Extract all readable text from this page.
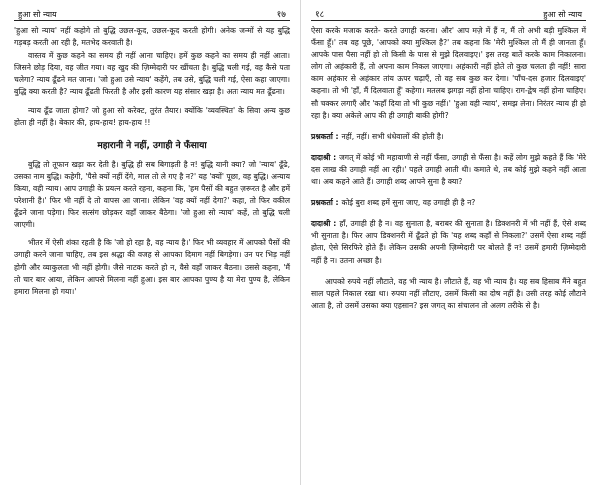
हुआ सो न्याय	१७

'हुआ सो न्याय' नहीं कहोगे तो बुद्धि उछल-कूद, उछल-कूद करती होगी। अनेक जन्मों से यह बुद्धि गड़बड़ करती आ रही है, मतभेद करवाती है।

वास्तव में कुछ कहने का समय ही नहीं आना चाहिए। हमें कुछ कहने का समय ही नहीं आता। जिसने छोड़ दिया, वह जीत गया। वह खुद की ज़िम्मेदारी पर खींचता है। बुद्धि चली गई, वह कैसे पता चलेगा? न्याय ढूँढने मत जाना। 'जो हुआ उसे न्याय' कहेंगे, तब उसे, बुद्धि चली गई, ऐसा कहा जाएगा। बुद्धि क्या करती है? न्याय ढूँढती फिरती है और इसी कारण यह संसार खड़ा है। अतः न्याय मत ढूँढना।

न्याय ढूँढ जाता होगा? जो हुआ सो करेक्ट, तुरंत तैयार। क्योंकि 'व्यवस्थित' के सिवा अन्य कुछ होता ही नहीं है। बेकार की, हाय-हाय! हाय-हाय !!

महारानी ने नहीं, उगाही ने फँसाया

बुद्धि तो तूफान खड़ा कर देती है। बुद्धि ही सब बिगाड़ती है न! बुद्धि यानी क्या? जो 'न्याय' ढूँढे, उसका नाम बुद्धि। कहेगी, 'पैसे क्यों नहीं देंगे, माल तो ले गए है न?' यह 'क्यों' पूछा, वह बुद्धि। अन्याय किया, वही न्याय। आप उगाही के प्रयत्न करते रहना, कहना कि, 'हम पैसों की बहुत ज़रूरत है और हमें परेशानी है।' फिर भी नहीं दे तो वापस आ जाना। लेकिन 'वह क्यों नहीं देगा?' कहा, तो फिर वकील ढूँढने जाना पड़ेगा। फिर सत्संग छोड़कर वहाँ जाकर बैठेगा। 'जो हुआ सो न्याय' कहें, तो बुद्धि चली जाएगी।

भीतर में ऐसी शंका रहती है कि 'जो हो रहा है, वह न्याय है।' फिर भी व्यवहार में आपको पैसों की उगाही करने जाना चाहिए, तब इस श्रद्धा की वजह से आपका दिमाग नहीं बिगड़ेगा। उन पर भिड़ नहीं होगी और व्याकुलता भी नहीं होगी। जैसे नाटक करते हो न, वैसे वहाँ जाकर बैठना। उससे कहना, 'मैं तो चार बार आया, लेकिन आपसे मिलना नहीं हुआ। इस बार आपका पुण्य है या मेरा पुण्य है, लेकिन हमारा मिलना हो गया।'

१८	हुआ सो न्याय

ऐसा करके मजाक करते- करते उगाही करना। और' आप मज़े में हैं न, मैं तो अभी बड़ी मुश्किल में फँसा हूँ।' तब वह पूछे, 'आपको क्या मुश्किल है?' तब कहना कि 'मेरी मुश्किल तो मैं ही जानता हूँ। आपके पास पैसा नहीं हो तो किसी के पास से मुझे दिलवाइए।' इस तरह बातें करके काम निकालना। लोग तो अहंकारी हैं, तो अपना काम निकल जाएगा। अहंकारी नहीं होते तो कुछ चलता ही नहीं! सारा काम अहंकार से अहंकार तांय ऊपर चढ़ाएँ, तो वह सब कुछ कर देगा। 'पाँच-दस हजार दिलवाइए' कहना। तो भी 'हाँ, मैं दिलवाता हूँ' कहेगा। मतलब झगड़ा नहीं होना चाहिए। राग-द्वेष नहीं होना चाहिए। सौ चक्कर लगाएँ और 'कहाँ दिया तो भी कुछ नहीं।' 'हुआ वही न्याय', समझ लेना। निरंतर न्याय ही हो रहा है। क्या अकेले आप की ही उगाही बाकी होगी?

प्रश्नकर्ता : नहीं, नहीं। सभी धंधेवालों की होती है।

दादाश्री : जगत् में कोई भी महावाणी से नहीं फँसा, उगाही से फँसा है। कहें लोग मुझे कहते हैं कि 'मेरे दस लाख की उगाही नहीं आ रही।' पहले उगाही आती थी। कमाते थे, तब कोई मुझे कहने नहीं आता था। अब कहने आते हैं। उगाही शब्द आपने सुना है क्या?

प्रश्नकर्ता : कोई बुरा शब्द हमें सुना जाए, वह उगाही ही है न?

दादाश्री : हाँ, उगाही ही है न। वह सुनाता है, बराबर की सुनाता है। डिक्शनरी में भी नहीं हैं, ऐसे शब्द भी सुनाता है। फिर आप डिक्शनरी में ढूँढते हो कि 'यह शब्द कहाँ से निकला?' उसमें ऐसा शब्द नहीं होता, ऐसे सिरफिरे होते हैं। लेकिन उसकी अपनी ज़िम्मेदारी पर बोलते हैं न! उसमें हमारी ज़िम्मेदारी नहीं है न। उतना अच्छा है।

आपको रुपये नहीं लौटाते, वह भी न्याय है। लौटाते हैं, वह भी न्याय है। यह सब हिसाब मैंने बहुत साल पहले निकाल रखा था। रुपया नहीं लौटाए, उसमें किसी का दोष नहीं है। उसी तरह कोई लौटाने आता है, तो उसमें उसका क्या एहसान? इस जगत् का संचालन तो अलग तरीके से है।
